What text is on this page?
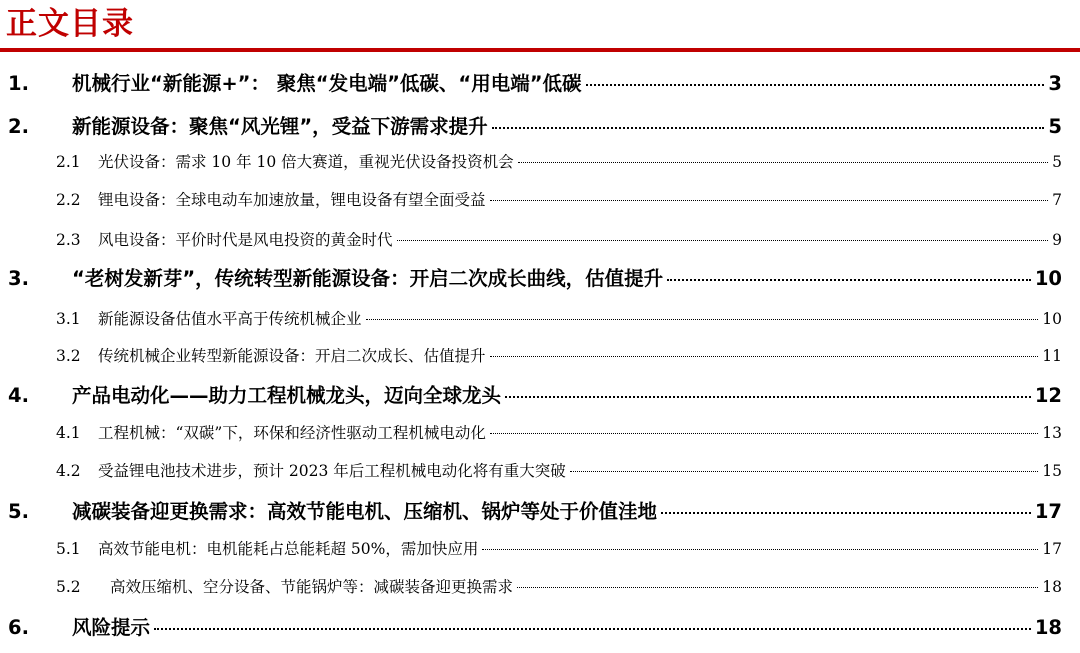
正文目录
1.	机械行业“新能源+”： 聚焦“发电端”低碳、“用电端”低碳	3
2.	新能源设备：聚焦“风光锂”，受益下游需求提升	5
2.1	光伏设备：需求 10 年 10 倍大赛道，重视光伏设备投资机会	5
2.2	锂电设备：全球电动车加速放量，锂电设备有望全面受益	7
2.3	风电设备：平价时代是风电投资的黄金时代	9
3.	“老树发新芽”，传统转型新能源设备：开启二次成长曲线，估值提升	10
3.1	新能源设备估值水平高于传统机械企业	10
3.2	传统机械企业转型新能源设备：开启二次成长、估值提升	11
4.	产品电动化——助力工程机械龙头，迈向全球龙头	12
4.1	工程机械：“双碳”下，环保和经济性驱动工程机械电动化	13
4.2	受益锂电池技术进步，预计 2023 年后工程机械电动化将有重大突破	15
5.	减碳装备迎更换需求：高效节能电机、压缩机、锅炉等处于价值洼地	17
5.1	高效节能电机：电机能耗占总能耗超 50%，需加快应用	17
5.2	高效压缩机、空分设备、节能锅炉等：减碳装备迎更换需求	18
6.	风险提示	18
